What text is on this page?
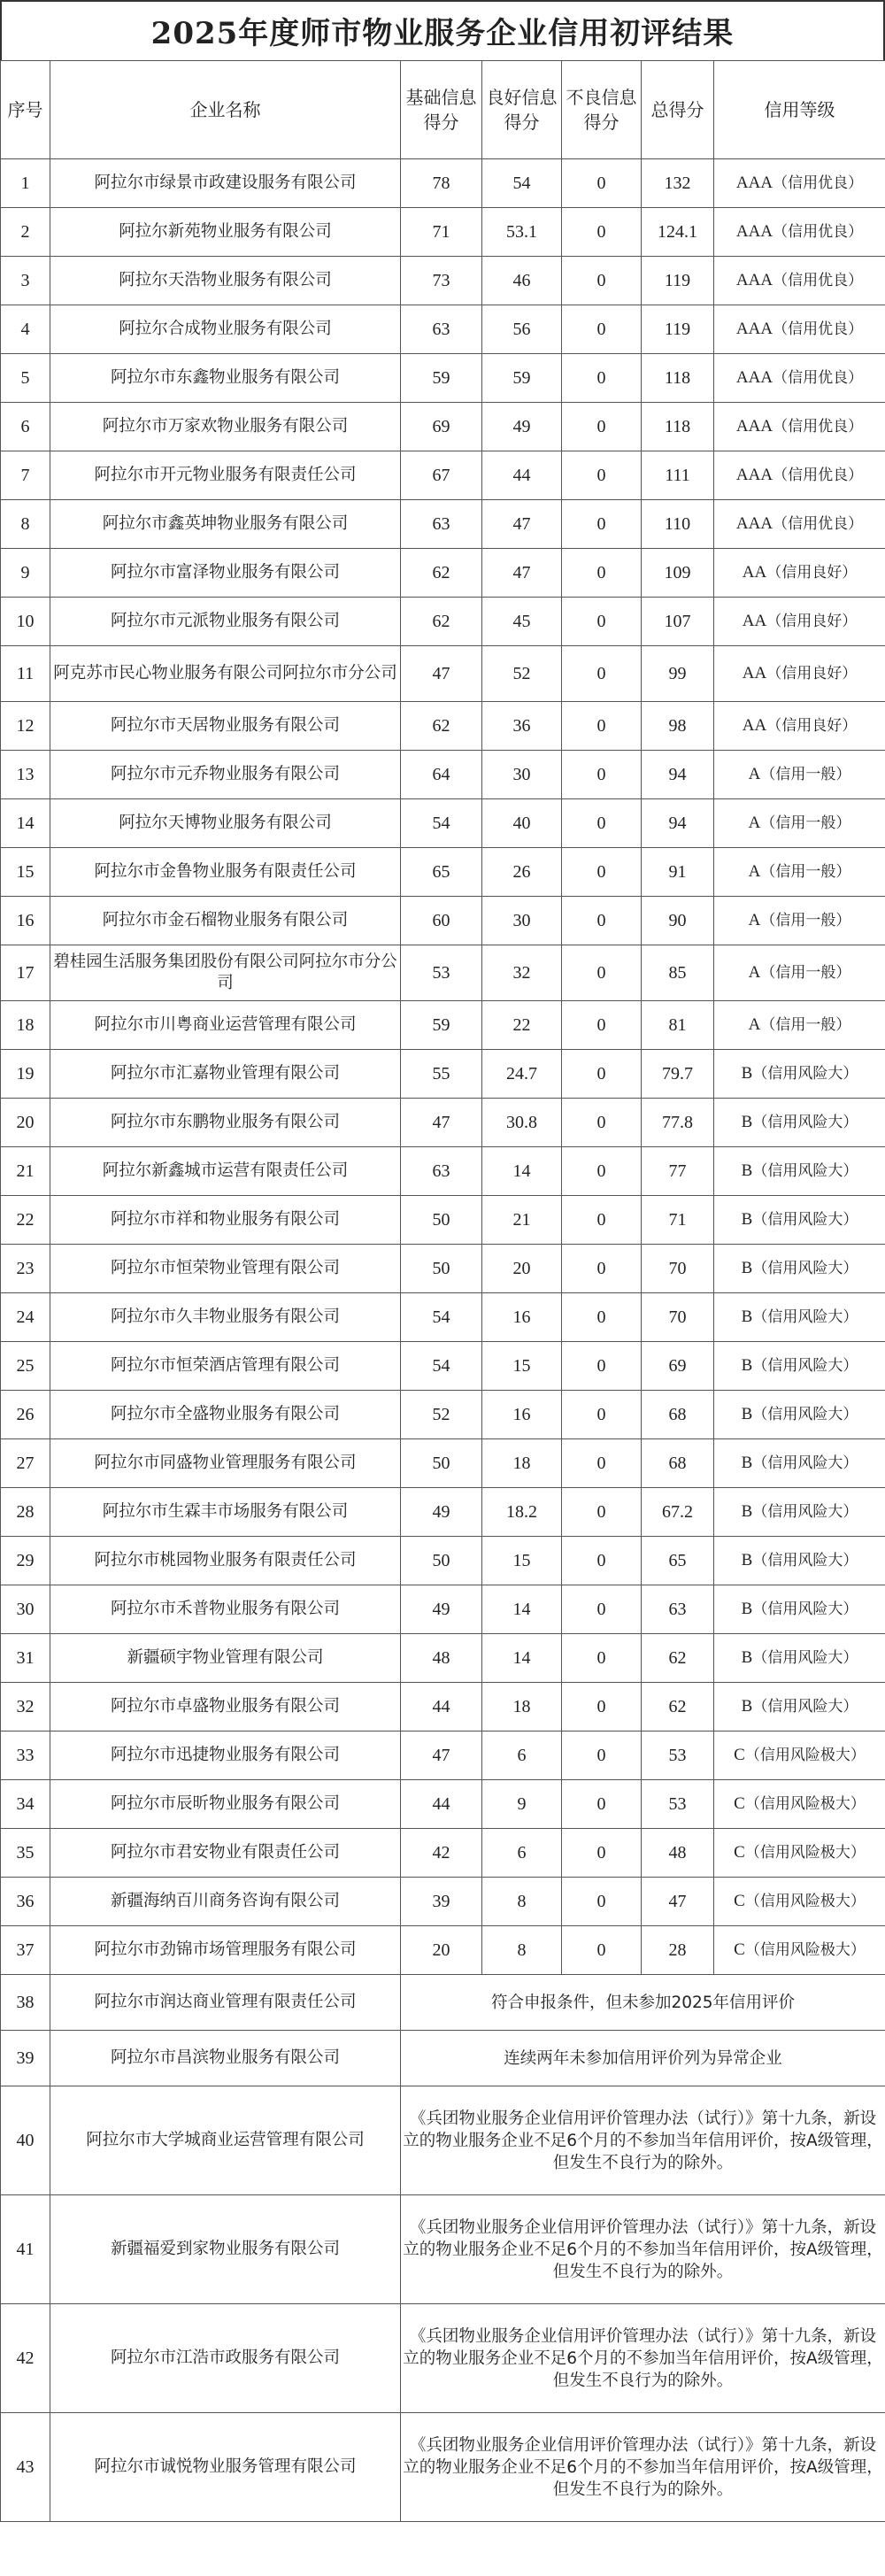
2025年度师市物业服务企业信用初评结果
序号	企业名称	基础信息得分	良好信息得分	不良信息得分	总得分	信用等级
1	阿拉尔市绿景市政建设服务有限公司	78	54	0	132	AAA（信用优良）
2	阿拉尔新苑物业服务有限公司	71	53.1	0	124.1	AAA（信用优良）
3	阿拉尔天浩物业服务有限公司	73	46	0	119	AAA（信用优良）
4	阿拉尔合成物业服务有限公司	63	56	0	119	AAA（信用优良）
5	阿拉尔市东鑫物业服务有限公司	59	59	0	118	AAA（信用优良）
6	阿拉尔市万家欢物业服务有限公司	69	49	0	118	AAA（信用优良）
7	阿拉尔市开元物业服务有限责任公司	67	44	0	111	AAA（信用优良）
8	阿拉尔市鑫英坤物业服务有限公司	63	47	0	110	AAA（信用优良）
9	阿拉尔市富泽物业服务有限公司	62	47	0	109	AA（信用良好）
10	阿拉尔市元派物业服务有限公司	62	45	0	107	AA（信用良好）
11	阿克苏市民心物业服务有限公司阿拉尔市分公司	47	52	0	99	AA（信用良好）
12	阿拉尔市天居物业服务有限公司	62	36	0	98	AA（信用良好）
13	阿拉尔市元乔物业服务有限公司	64	30	0	94	A（信用一般）
14	阿拉尔天博物业服务有限公司	54	40	0	94	A（信用一般）
15	阿拉尔市金鲁物业服务有限责任公司	65	26	0	91	A（信用一般）
16	阿拉尔市金石榴物业服务有限公司	60	30	0	90	A（信用一般）
17	碧桂园生活服务集团股份有限公司阿拉尔市分公司	53	32	0	85	A（信用一般）
18	阿拉尔市川粤商业运营管理有限公司	59	22	0	81	A（信用一般）
19	阿拉尔市汇嘉物业管理有限公司	55	24.7	0	79.7	B（信用风险大）
20	阿拉尔市东鹏物业服务有限公司	47	30.8	0	77.8	B（信用风险大）
21	阿拉尔新鑫城市运营有限责任公司	63	14	0	77	B（信用风险大）
22	阿拉尔市祥和物业服务有限公司	50	21	0	71	B（信用风险大）
23	阿拉尔市恒荣物业管理有限公司	50	20	0	70	B（信用风险大）
24	阿拉尔市久丰物业服务有限公司	54	16	0	70	B（信用风险大）
25	阿拉尔市恒荣酒店管理有限公司	54	15	0	69	B（信用风险大）
26	阿拉尔市全盛物业服务有限公司	52	16	0	68	B（信用风险大）
27	阿拉尔市同盛物业管理服务有限公司	50	18	0	68	B（信用风险大）
28	阿拉尔市生霖丰市场服务有限公司	49	18.2	0	67.2	B（信用风险大）
29	阿拉尔市桃园物业服务有限责任公司	50	15	0	65	B（信用风险大）
30	阿拉尔市禾普物业服务有限公司	49	14	0	63	B（信用风险大）
31	新疆硕宇物业管理有限公司	48	14	0	62	B（信用风险大）
32	阿拉尔市卓盛物业服务有限公司	44	18	0	62	B（信用风险大）
33	阿拉尔市迅捷物业服务有限公司	47	6	0	53	C（信用风险极大）
34	阿拉尔市辰昕物业服务有限公司	44	9	0	53	C（信用风险极大）
35	阿拉尔市君安物业有限责任公司	42	6	0	48	C（信用风险极大）
36	新疆海纳百川商务咨询有限公司	39	8	0	47	C（信用风险极大）
37	阿拉尔市劲锦市场管理服务有限公司	20	8	0	28	C（信用风险极大）
38	阿拉尔市润达商业管理有限责任公司	符合申报条件，但未参加2025年信用评价				
39	阿拉尔市昌滨物业服务有限公司	连续两年未参加信用评价列为异常企业				
40	阿拉尔市大学城商业运营管理有限公司	《兵团物业服务企业信用评价管理办法（试行）》第十九条，新设立的物业服务企业不足6个月的不参加当年信用评价，按A级管理，但发生不良行为的除外。				
41	新疆福爱到家物业服务有限公司	《兵团物业服务企业信用评价管理办法（试行）》第十九条，新设立的物业服务企业不足6个月的不参加当年信用评价，按A级管理，但发生不良行为的除外。				
42	阿拉尔市江浩市政服务有限公司	《兵团物业服务企业信用评价管理办法（试行）》第十九条，新设立的物业服务企业不足6个月的不参加当年信用评价，按A级管理，但发生不良行为的除外。				
43	阿拉尔市诚悦物业服务管理有限公司	《兵团物业服务企业信用评价管理办法（试行）》第十九条，新设立的物业服务企业不足6个月的不参加当年信用评价，按A级管理，但发生不良行为的除外。				
